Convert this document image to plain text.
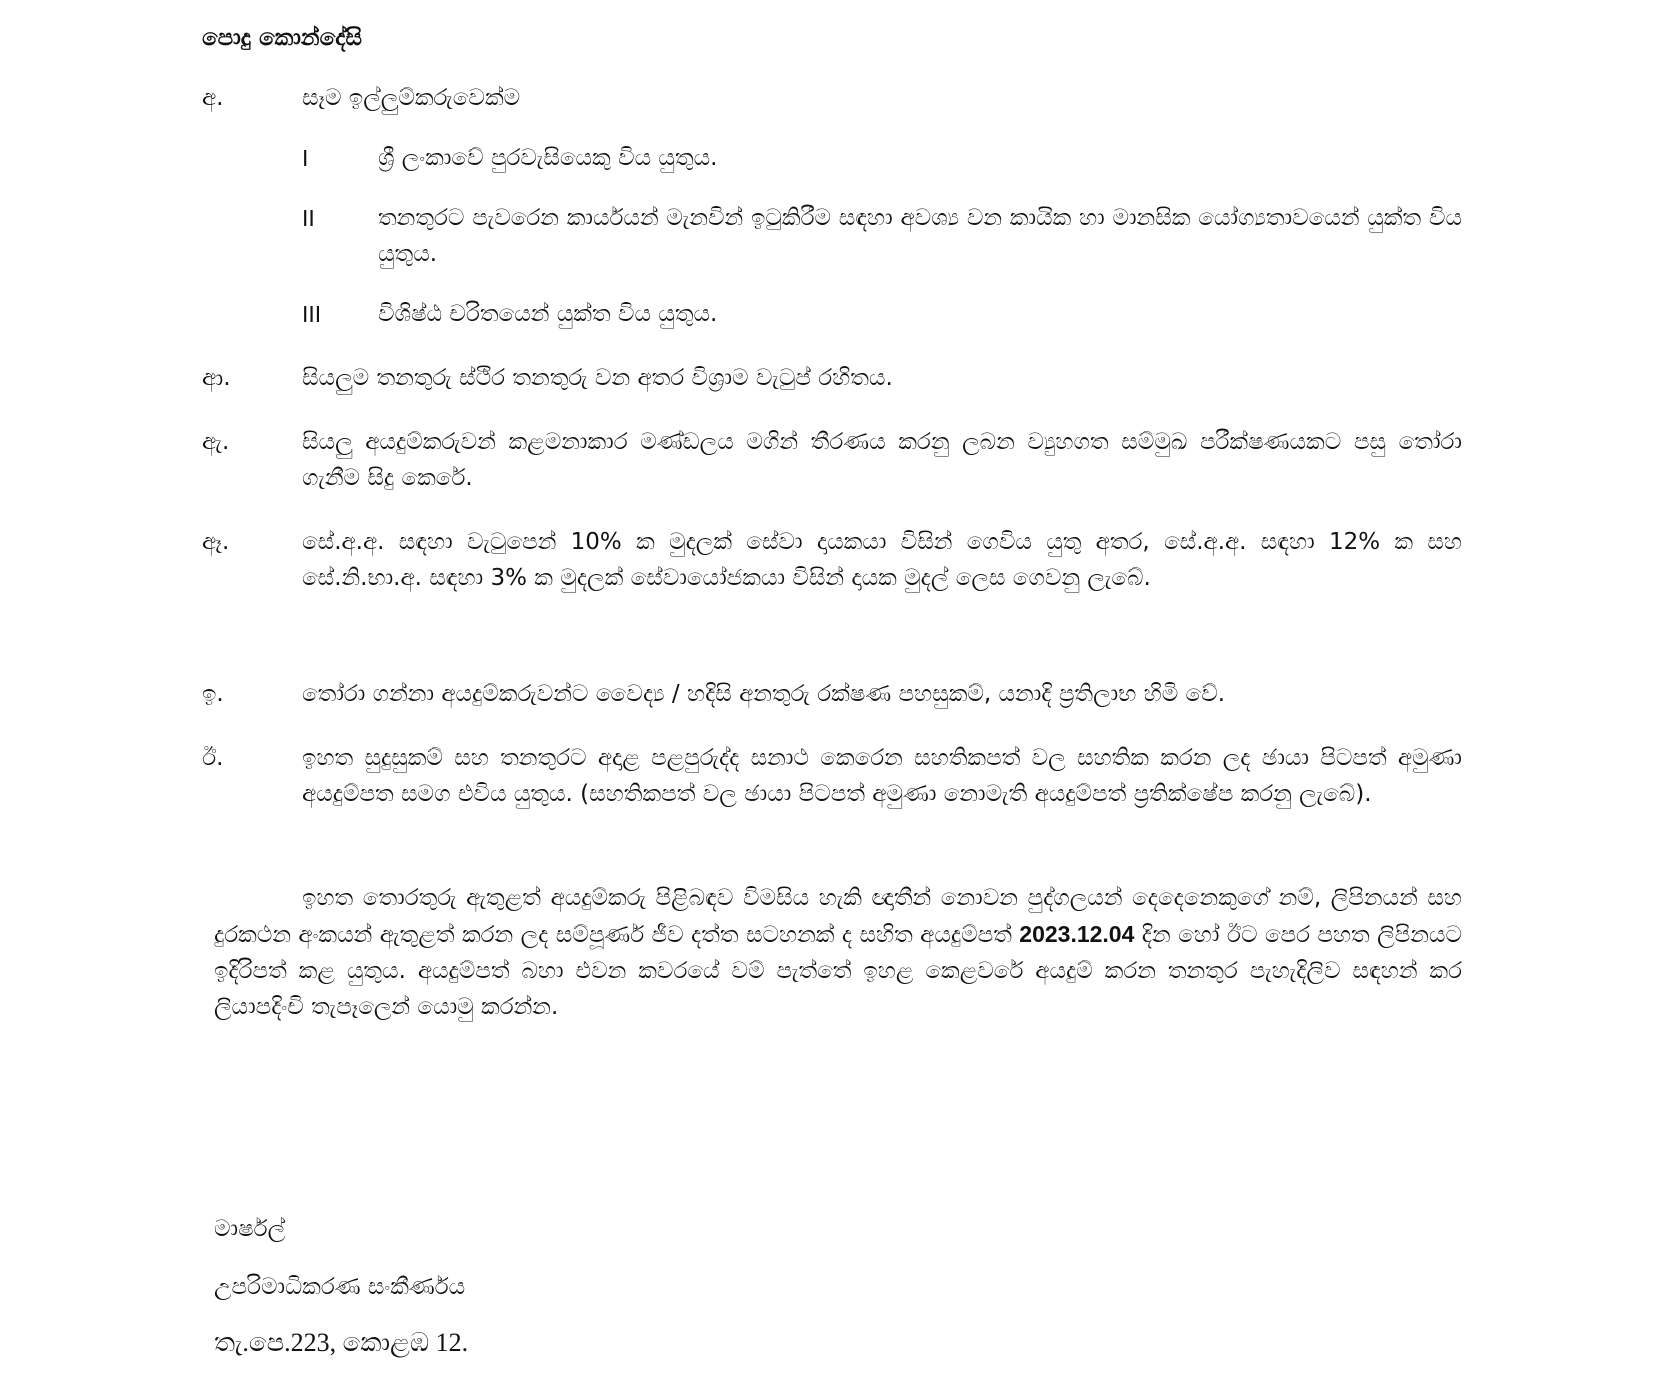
පොදු කොන්දේසි
අ.	සෑම ඉල්ලුම්කරුවෙක්ම
I	ශ්‍රී ලංකාවේ පුරවැසියෙකු විය යුතුය.
II	තනතුරට පැවරෙන කාර්යයන් මැනවින් ඉටුකිරීම සඳහා අවශ්‍ය වන කායික හා මානසික යෝග්‍යතාවයෙන් යුක්ත විය යුතුය.
III විශිෂ්ඨ චරිතයෙන් යුක්ත විය යුතුය.
ආ.	සියලුම තනතුරු ස්ථිර තනතුරු වන අතර විශ්‍රාම වැටුප් රහිතය.
ඇ.	සියලු අයදුම්කරුවන් කළමනාකාර මණ්ඩලය මගින් තීරණය කරනු ලබන ව්‍යුහගත සම්මුඛ පරීක්ෂණයකට පසු තෝරා ගැනීම සිදු කෙරේ.
ඈ.	සේ.අ.අ. සඳහා වැටුපෙන් 10% ක මුදලක් සේවා දායකයා විසින් ගෙවිය යුතු අතර, සේ.අ.අ. සඳහා 12% ක සහ සේ.නි.භා.අ. සඳහා 3% ක මුදලක් සේවායෝජකයා විසින් දායක මුදල් ලෙස ගෙවනු ලැබේ.
ඉ.	තෝරා ගන්නා අයදුම්කරුවන්ට වෛද්‍ය / හදිසි අනතුරු රක්ෂණ පහසුකම්, යනාදි ප්‍රතිලාභ හිමි වේ.
ඊ.	ඉහත සුදුසුකම් සහ තනතුරට අදාළ පළපුරුද්ද සනාථ කෙරෙන සහතිකපත් වල සහතික කරන ලද ඡායා පිටපත් අමුණා අයදුම්පත සමග එවිය යුතුය. (සහතිකපත් වල ඡායා පිටපත් අමුණා නොමැති අයදුම්පත් ප්‍රතික්ෂේප කරනු ලැබේ).
ඉහත තොරතුරු ඇතුළත් අයදුම්කරු පිළිබඳව විමසිය හැකි ඥාතීන් නොවන පුද්ගලයන් දෙදෙනෙකුගේ නම්, ලිපිනයන් සහ දුරකථන අංකයන් ඇතුළත් කරන ලද සම්පූර්ණ ජීව දත්ත සටහනක් ද සහිත අයදුම්පත් 2023.12.04 දින හෝ ඊට පෙර පහත ලිපිනයට ඉදිරිපත් කළ යුතුය. අයදුම්පත් බහා එවන කවරයේ වම් පැත්තේ ඉහළ කෙළවරේ අයදුම් කරන තනතුර පැහැදිලිව සඳහන් කර ලියාපදිංචි තැපෑලෙන් යොමු කරන්න.
මාර්ෂල්
උපරිමාධිකරණ සංකීර්ණය
තැ.පෙ.223, කොළඹ 12.
